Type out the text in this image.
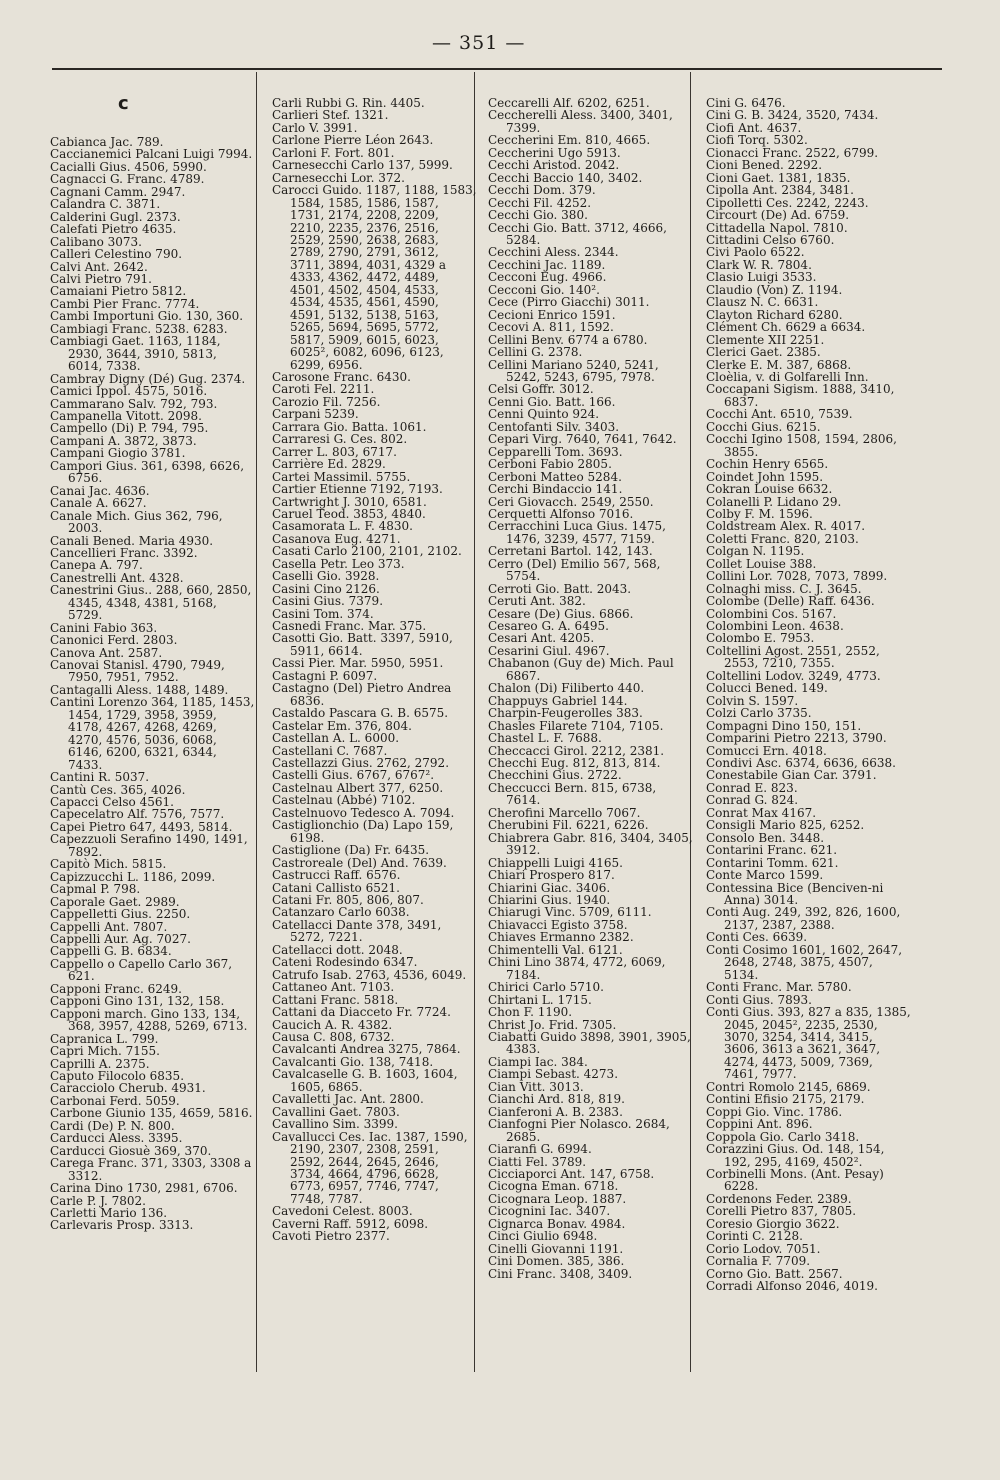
— 351 —
c
Cabianca Jac. 789.
Caccianemici Palcani Luigi 7994.
Cacialli Gius. 4506, 5990.
Cagnacci G. Franc. 4789.
Cagnani Camm. 2947.
Calandra C. 3871.
Calderini Gugl. 2373.
Calefati Pietro 4635.
Calibano 3073.
Calleri Celestino 790.
Calvi Ant. 2642.
Calvi Pietro 791.
Camaiani Pietro 5812.
Cambi Pier Franc. 7774.
Cambi Importuni Gio. 130, 360.
Cambiagi Franc. 5238. 6283.
Cambiagi Gaet. 1163, 1184, 2930, 3644, 3910, 5813, 6014, 7338.
Cambray Digny (Dé) Gug. 2374.
Camici Ippol. 4575, 5016.
Cammarano Salv. 792, 793.
Campanella Vitott. 2098.
Campello (Di) P. 794, 795.
Campani A. 3872, 3873.
Campani Giogio 3781.
Campori Gius. 361, 6398, 6626, 6756.
Canai Jac. 4636.
Canale A. 6627.
Canale Mich. Gius 362, 796, 2003.
Canali Bened. Maria 4930.
Cancellieri Franc. 3392.
Canepa A. 797.
Canestrelli Ant. 4328.
Canestrini Gius.. 288, 660, 2850, 4345, 4348, 4381, 5168, 5729.
Canini Fabio 363.
Canonici Ferd. 2803.
Canova Ant. 2587.
Canovai Stanisl. 4790, 7949, 7950, 7951, 7952.
Cantagalli Aless. 1488, 1489.
Cantini Lorenzo 364, 1185, 1453, 1454, 1729, 3958, 3959, 4178, 4267, 4268, 4269, 4270, 4576, 5036, 6068, 6146, 6200, 6321, 6344, 7433.
Cantini R. 5037.
Cantù Ces. 365, 4026.
Capacci Celso 4561.
Capecelatro Alf. 7576, 7577.
Capei Pietro 647, 4493, 5814.
Capezzuoli Serafino 1490, 1491, 7892.
Capitò Mich. 5815.
Capizzucchi L. 1186, 2099.
Capmal P. 798.
Caporale Gaet. 2989.
Cappelletti Gius. 2250.
Cappelli Ant. 7807.
Cappelli Aur. Ag. 7027.
Cappelli G. B. 6834.
Cappello o Capello Carlo 367, 621.
Capponi Franc. 6249.
Capponi Gino 131, 132, 158.
Capponi march. Gino 133, 134, 368, 3957, 4288, 5269, 6713.
Capranica L. 799.
Capri Mich. 7155.
Caprilli A. 2375.
Caputo Filocolo 6835.
Caracciolo Cherub. 4931.
Carbonai Ferd. 5059.
Carbone Giunio 135, 4659, 5816.
Cardi (De) P. N. 800.
Carducci Aless. 3395.
Carducci Giosuè 369, 370.
Carega Franc. 371, 3303, 3308 a 3312.
Carina Dino 1730, 2981, 6706.
Carle P. J. 7802.
Carletti Mario 136.
Carlevaris Prosp. 3313.
Carli Rubbi G. Rin. 4405.
Carlieri Stef. 1321.
Carlo V. 3991.
Carlone Pierre Léon 2643.
Carloni F. Fort. 801.
Carnesecchi Carlo 137, 5999.
Carnesecchi Lor. 372.
Carocci Guido. 1187, 1188, 1583, 1584, 1585, 1586, 1587, 1731, 2174, 2208, 2209, 2210, 2235, 2376, 2516, 2529, 2590, 2638, 2683, 2789, 2790, 2791, 3612, 3711, 3894, 4031, 4329 a 4333, 4362, 4472, 4489, 4501, 4502, 4504, 4533, 4534, 4535, 4561, 4590, 4591, 5132, 5138, 5163, 5265, 5694, 5695, 5772, 5817, 5909, 6015, 6023, 6025², 6082, 6096, 6123, 6299, 6956.
Carosone Franc. 6430.
Caroti Fel. 2211.
Carozio Fil. 7256.
Carpani 5239.
Carrara Gio. Batta. 1061.
Carraresi G. Ces. 802.
Carrer L. 803, 6717.
Carrière Ed. 2829.
Cartei Massimil. 5755.
Cartier Etienne 7192, 7193.
Cartwright J. 3010, 6581.
Caruel Teod. 3853, 4840.
Casamorata L. F. 4830.
Casanova Eug. 4271.
Casati Carlo 2100, 2101, 2102.
Casella Petr. Leo 373.
Caselli Gio. 3928.
Casini Cino 2126.
Casini Gius. 7379.
Casini Tom. 374.
Casnedi Franc. Mar. 375.
Casotti Gio. Batt. 3397, 5910, 5911, 6614.
Cassi Pier. Mar. 5950, 5951.
Castagni P. 6097.
Castagno (Del) Pietro Andrea 6836.
Castaldo Pascara G. B. 6575.
Castelar Em. 376, 804.
Castellan A. L. 6000.
Castellani C. 7687.
Castellazzi Gius. 2762, 2792.
Castelli Gius. 6767, 6767².
Castelnau Albert 377, 6250.
Castelnau (Abbé) 7102.
Castelnuovo Tedesco A. 7094.
Castiglionchio (Da) Lapo 159, 6198.
Castiglione (Da) Fr. 6435.
Castroreale (Del) And. 7639.
Castrucci Raff. 6576.
Catani Callisto 6521.
Catani Fr. 805, 806, 807.
Catanzaro Carlo 6038.
Catellacci Dante 378, 3491, 5272, 7221.
Catellacci dott. 2048.
Cateni Rodesindo 6347.
Catrufo Isab. 2763, 4536, 6049.
Cattaneo Ant. 7103.
Cattani Franc. 5818.
Cattani da Diacceto Fr. 7724.
Caucich A. R. 4382.
Causa C. 808, 6732.
Cavalcanti Andrea 3275, 7864.
Cavalcanti Gio. 138, 7418.
Cavalcaselle G. B. 1603, 1604, 1605, 6865.
Cavalletti Jac. Ant. 2800.
Cavallini Gaet. 7803.
Cavallino Sim. 3399.
Cavallucci Ces. Iac. 1387, 1590, 2190, 2307, 2308, 2591, 2592, 2644, 2645, 2646, 3734, 4664, 4796, 6628, 6773, 6957, 7746, 7747, 7748, 7787.
Cavedoni Celest. 8003.
Caverni Raff. 5912, 6098.
Cavoti Pietro 2377.
Ceccarelli Alf. 6202, 6251.
Ceccherelli Aless. 3400, 3401, 7399.
Ceccherini Em. 810, 4665.
Ceccherini Ugo 5913.
Cecchi Aristod. 2042.
Cecchi Baccio 140, 3402.
Cecchi Dom. 379.
Cecchi Fil. 4252.
Cecchi Gio. 380.
Cecchi Gio. Batt. 3712, 4666, 5284.
Cecchini Aless. 2344.
Cecchini Jac. 1189.
Cecconi Eug. 4966.
Cecconi Gio. 140².
Cece (Pirro Giacchi) 3011.
Cecioni Enrico 1591.
Cecovi A. 811, 1592.
Cellini Benv. 6774 a 6780.
Cellini G. 2378.
Cellini Mariano 5240, 5241, 5242, 5243, 6795, 7978.
Celsi Goffr. 3012.
Cenni Gio. Batt. 166.
Cenni Quinto 924.
Centofanti Silv. 3403.
Cepari Virg. 7640, 7641, 7642.
Cepparelli Tom. 3693.
Cerboni Fabio 2805.
Cerboni Matteo 5284.
Cerchi Bindaccio 141.
Ceri Giovacch. 2549, 2550.
Cerquetti Alfonso 7016.
Cerracchini Luca Gius. 1475, 1476, 3239, 4577, 7159.
Cerretani Bartol. 142, 143.
Cerro (Del) Emilio 567, 568, 5754.
Cerroti Gio. Batt. 2043.
Ceruti Ant. 382.
Cesare (De) Gius. 6866.
Cesareo G. A. 6495.
Cesari Ant. 4205.
Cesarini Giul. 4967.
Chabanon (Guy de) Mich. Paul 6867.
Chalon (Di) Filiberto 440.
Chappuys Gabriel 144.
Charpin-Feugerolles 383.
Chasles Filarete 7104, 7105.
Chastel L. F. 7688.
Checcacci Girol. 2212, 2381.
Checchi Eug. 812, 813, 814.
Checchini Gius. 2722.
Checcucci Bern. 815, 6738, 7614.
Cherofini Marcello 7067.
Cherubini Fil. 6221, 6226.
Chiabrera Gabr. 816, 3404, 3405, 3912.
Chiappelli Luigi 4165.
Chiari Prospero 817.
Chiarini Giac. 3406.
Chiarini Gius. 1940.
Chiarugi Vinc. 5709, 6111.
Chiavacci Egisto 3758.
Chiaves Ermanno 2382.
Chimentelli Val. 6121.
Chini Lino 3874, 4772, 6069, 7184.
Chirici Carlo 5710.
Chirtani L. 1715.
Chon F. 1190.
Christ Jo. Frid. 7305.
Ciabatti Guido 3898, 3901, 3905, 4383.
Ciampi Iac. 384.
Ciampi Sebast. 4273.
Cian Vitt. 3013.
Cianchi Ard. 818, 819.
Cianferoni A. B. 2383.
Cianfogni Pier Nolasco. 2684, 2685.
Ciaranfi G. 6994.
Ciatti Fel. 3789.
Cicciaporci Ant. 147, 6758.
Cicogna Eman. 6718.
Cicognara Leop. 1887.
Cicognini Iac. 3407.
Cignarca Bonav. 4984.
Cinci Giulio 6948.
Cinelli Giovanni 1191.
Cini Domen. 385, 386.
Cini Franc. 3408, 3409.
Cini G. 6476.
Cini G. B. 3424, 3520, 7434.
Ciofi Ant. 4637.
Ciofi Torq. 5302.
Cionacci Franc. 2522, 6799.
Cioni Bened. 2292.
Cioni Gaet. 1381, 1835.
Cipolla Ant. 2384, 3481.
Cipolletti Ces. 2242, 2243.
Circourt (De) Ad. 6759.
Cittadella Napol. 7810.
Cittadini Celso 6760.
Civi Paolo 6522.
Clark W. R. 7804.
Clasio Luigi 3533.
Claudio (Von) Z. 1194.
Clausz N. C. 6631.
Clayton Richard 6280.
Clément Ch. 6629 a 6634.
Clemente XII 2251.
Clerici Gaet. 2385.
Clerke E. M. 387, 6868.
Cloèlia, v. di Golfarelli Inn.
Coccapani Sigism. 1888, 3410, 6837.
Cocchi Ant. 6510, 7539.
Cocchi Gius. 6215.
Cocchi Igino 1508, 1594, 2806, 3855.
Cochin Henry 6565.
Coindet John 1595.
Cokran Louise 6632.
Colanelli P. Lidano 29.
Colby F. M. 1596.
Coldstream Alex. R. 4017.
Coletti Franc. 820, 2103.
Colgan N. 1195.
Collet Louise 388.
Collini Lor. 7028, 7073, 7899.
Colnaghi miss. C. J. 3645.
Colombe (Delle) Raff. 6436.
Colombini Cos. 5167.
Colombini Leon. 4638.
Colombo E. 7953.
Coltellini Agost. 2551, 2552, 2553, 7210, 7355.
Coltellini Lodov. 3249, 4773.
Colucci Bened. 149.
Colvin S. 1597.
Colzi Carlo 3735.
Compagni Dino 150, 151.
Comparini Pietro 2213, 3790.
Comucci Ern. 4018.
Condivi Asc. 6374, 6636, 6638.
Conestabile Gian Car. 3791.
Conrad E. 823.
Conrad G. 824.
Conrat Max 4167.
Consigli Mario 825, 6252.
Consolo Ben. 3448.
Contarini Franc. 621.
Contarini Tomm. 621.
Conte Marco 1599.
Contessina Bice (Benciven-ni Anna) 3014.
Conti Aug. 249, 392, 826, 1600, 2137, 2387, 2388.
Conti Ces. 6639.
Conti Cosimo 1601, 1602, 2647, 2648, 2748, 3875, 4507, 5134.
Conti Franc. Mar. 5780.
Conti Gius. 7893.
Conti Gius. 393, 827 a 835, 1385, 2045, 2045², 2235, 2530, 3070, 3254, 3414, 3415, 3606, 3613 a 3621, 3647, 4274, 4473, 5009, 7369, 7461, 7977.
Contri Romolo 2145, 6869.
Contini Efisio 2175, 2179.
Coppi Gio. Vinc. 1786.
Coppini Ant. 896.
Coppola Gio. Carlo 3418.
Corazzini Gius. Od. 148, 154, 192, 295, 4169, 4502².
Corbinelli Mons. (Ant. Pesay) 6228.
Cordenons Feder. 2389.
Corelli Pietro 837, 7805.
Coresio Giorgio 3622.
Corinti C. 2128.
Corio Lodov. 7051.
Cornalia F. 7709.
Corno Gio. Batt. 2567.
Corradi Alfonso 2046, 4019.
